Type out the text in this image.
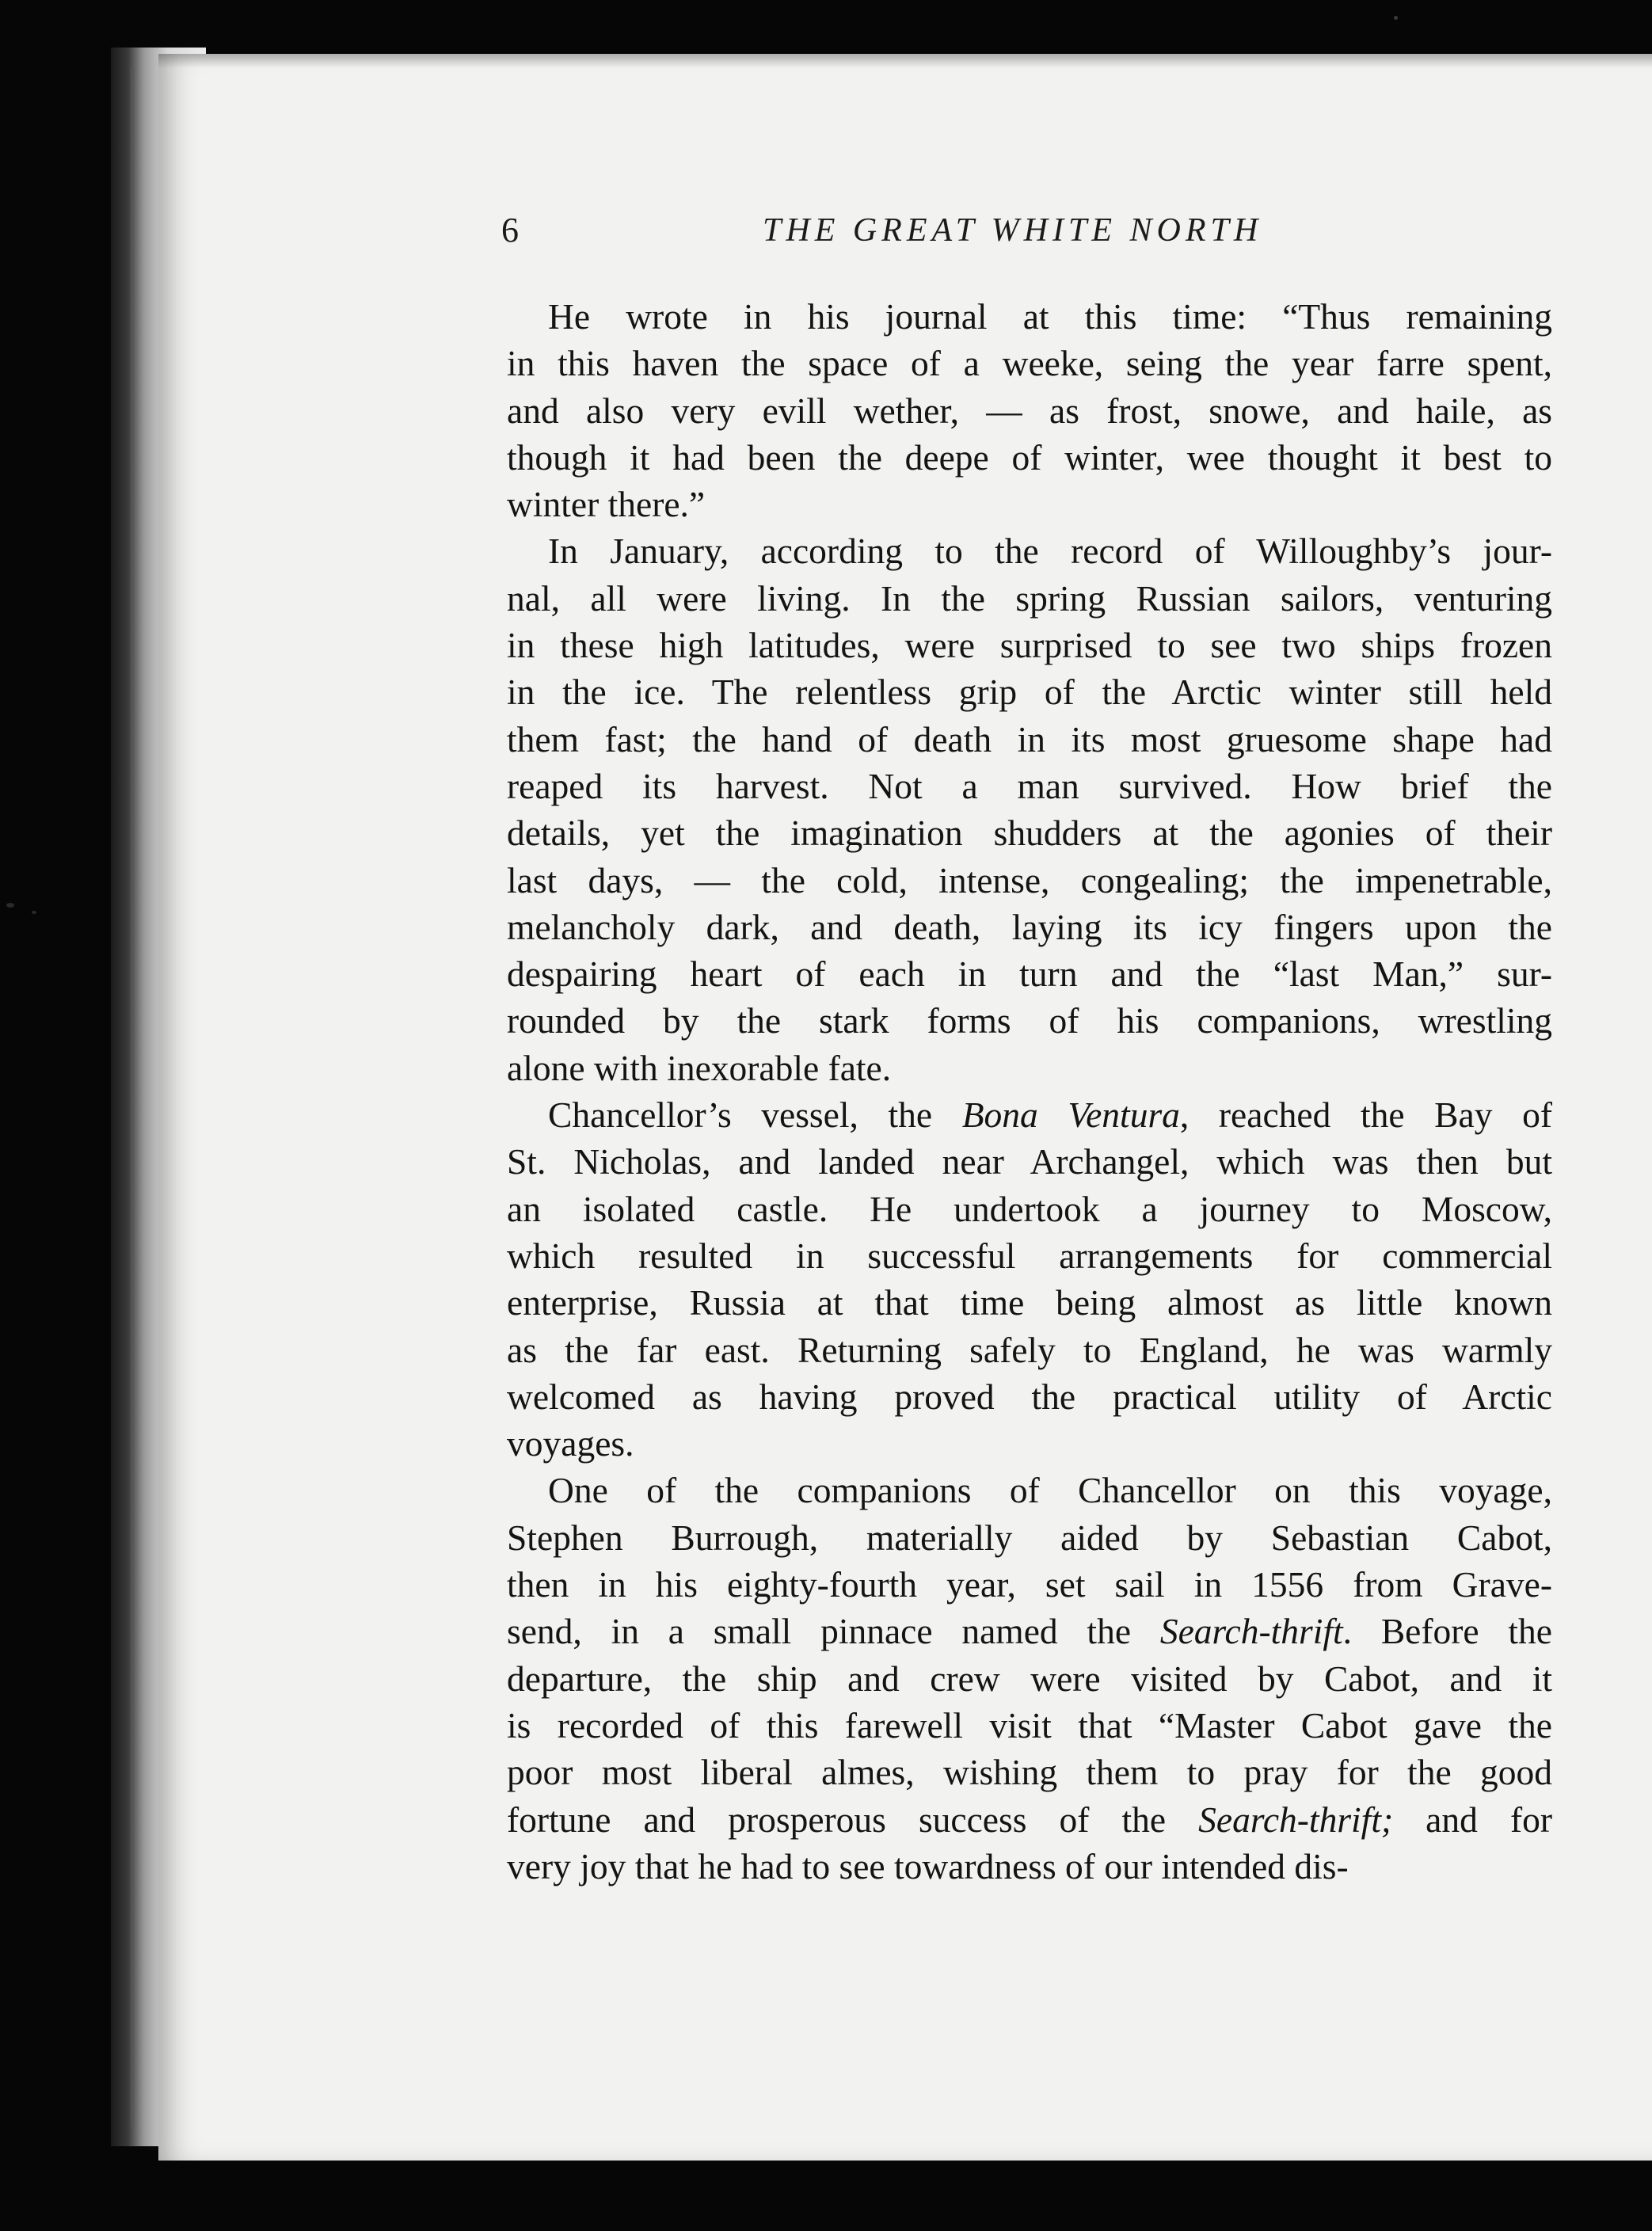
6	THE GREAT WHITE NORTH
He wrote in his journal at this time: “Thus remaining
in this haven the space of a weeke, seing the year farre spent,
and also very evill wether, — as frost, snowe, and haile, as
though it had been the deepe of winter, wee thought it best to
winter there.”
In January, according to the record of Willoughby’s jour-
nal, all were living. In the spring Russian sailors, venturing
in these high latitudes, were surprised to see two ships frozen
in the ice. The relentless grip of the Arctic winter still held
them fast; the hand of death in its most gruesome shape had
reaped its harvest. Not a man survived. How brief the
details, yet the imagination shudders at the agonies of their
last days, — the cold, intense, congealing; the impenetrable,
melancholy dark, and death, laying its icy fingers upon the
despairing heart of each in turn and the “last Man,” sur-
rounded by the stark forms of his companions, wrestling
alone with inexorable fate.
Chancellor’s vessel, the Bona Ventura, reached the Bay of
St. Nicholas, and landed near Archangel, which was then but
an isolated castle. He undertook a journey to Moscow,
which resulted in successful arrangements for commercial
enterprise, Russia at that time being almost as little known
as the far east. Returning safely to England, he was warmly
welcomed as having proved the practical utility of Arctic
voyages.
One of the companions of Chancellor on this voyage,
Stephen Burrough, materially aided by Sebastian Cabot,
then in his eighty-fourth year, set sail in 1556 from Grave-
send, in a small pinnace named the Search-thrift. Before the
departure, the ship and crew were visited by Cabot, and it
is recorded of this farewell visit that “Master Cabot gave the
poor most liberal almes, wishing them to pray for the good
fortune and prosperous success of the Search-thrift; and for
very joy that he had to see towardness of our intended dis-
